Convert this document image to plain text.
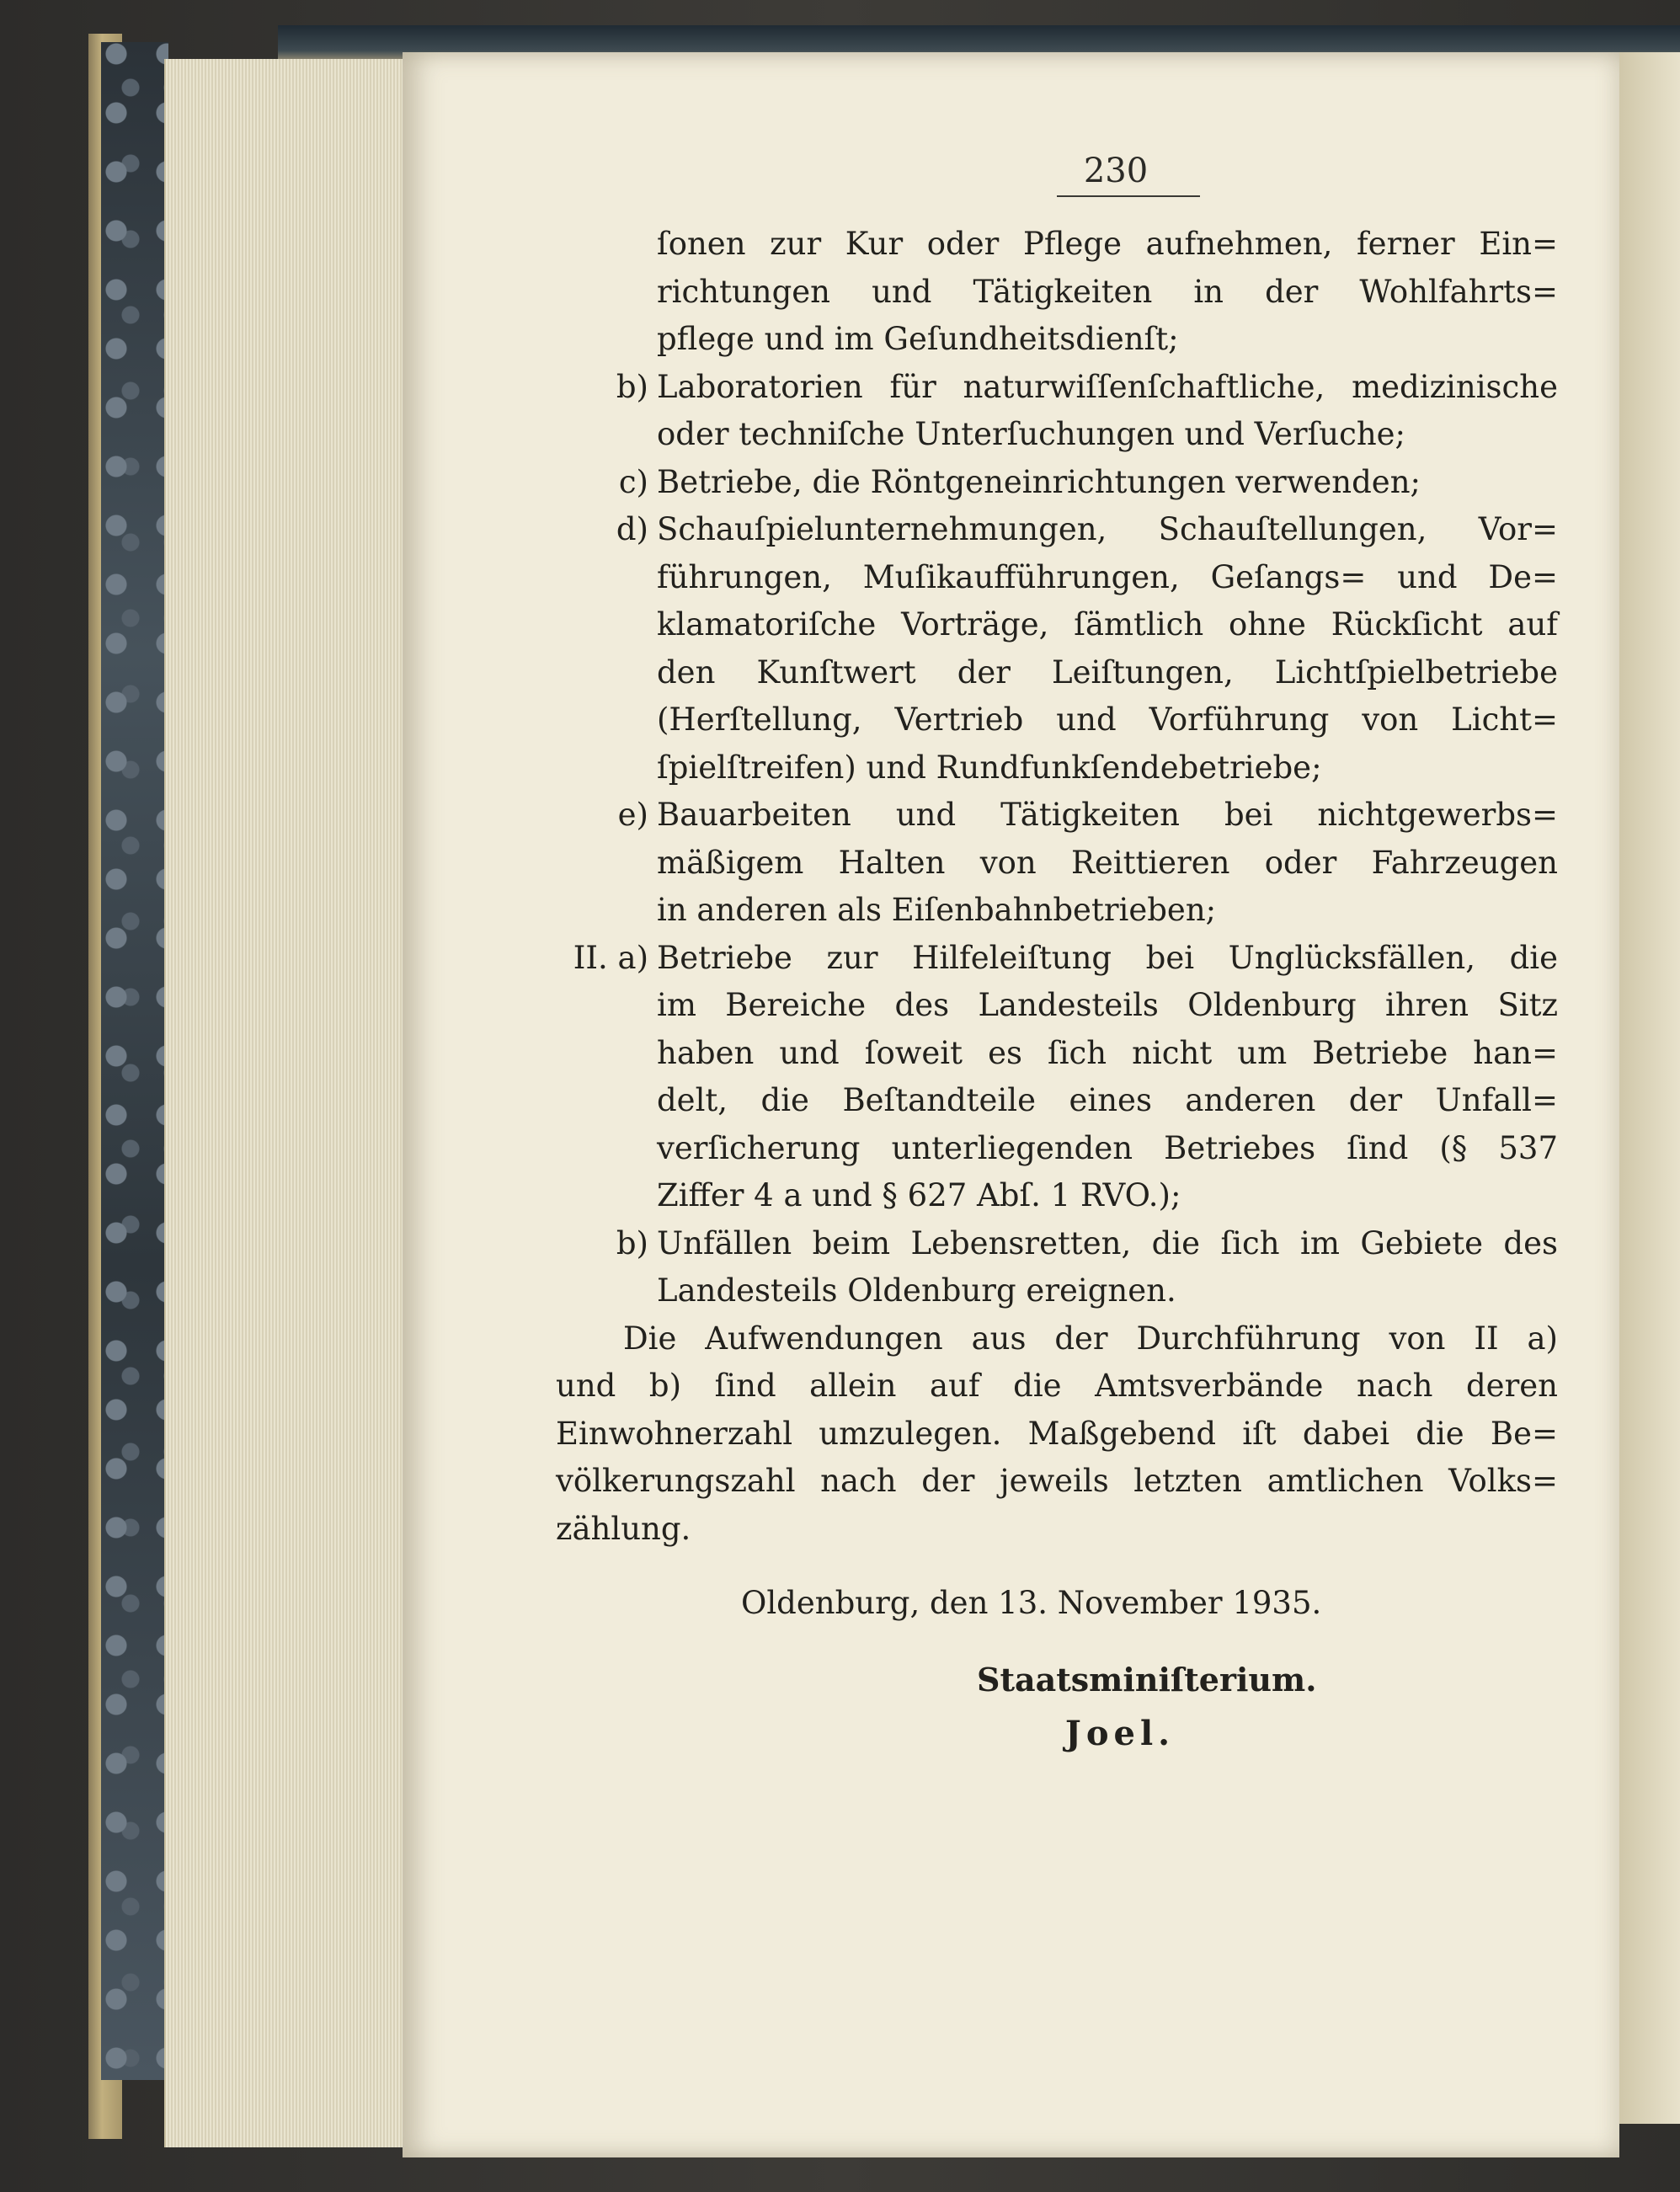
230
ſonen zur Kur oder Pflege aufnehmen, ferner Ein=
richtungen und Tätigkeiten in der Wohlfahrts=
pflege und im Geſundheitsdienſt;
b) Laboratorien für naturwiſſenſchaftliche, medizinische
oder techniſche Unterſuchungen und Verſuche;
c) Betriebe, die Röntgeneinrichtungen verwenden;
d) Schauſpielunternehmungen, Schauſtellungen, Vor=
führungen, Muſikaufführungen, Geſangs= und De=
klamatoriſche Vorträge, ſämtlich ohne Rückſicht auf
den Kunſtwert der Leiſtungen, Lichtſpielbetriebe
(Herſtellung, Vertrieb und Vorführung von Licht=
ſpielſtreifen) und Rundfunkſendebetriebe;
e) Bauarbeiten und Tätigkeiten bei nichtgewerbs=
mäßigem Halten von Reittieren oder Fahrzeugen
in anderen als Eiſenbahnbetrieben;
II. a) Betriebe zur Hilfeleiſtung bei Unglücksfällen, die
im Bereiche des Landesteils Oldenburg ihren Sitz
haben und ſoweit es ſich nicht um Betriebe han=
delt, die Beſtandteile eines anderen der Unfall=
verſicherung unterliegenden Betriebes ſind (§ 537
Ziffer 4 a und § 627 Abſ. 1 RVO.);
b) Unfällen beim Lebensretten, die ſich im Gebiete des
Landesteils Oldenburg ereignen.
Die Aufwendungen aus der Durchführung von II a)
und b) ſind allein auf die Amtsverbände nach deren
Einwohnerzahl umzulegen. Maßgebend iſt dabei die Be=
völkerungszahl nach der jeweils letzten amtlichen Volks=
zählung.
Oldenburg, den 13. November 1935.
Staatsminiſterium.
Joel.
